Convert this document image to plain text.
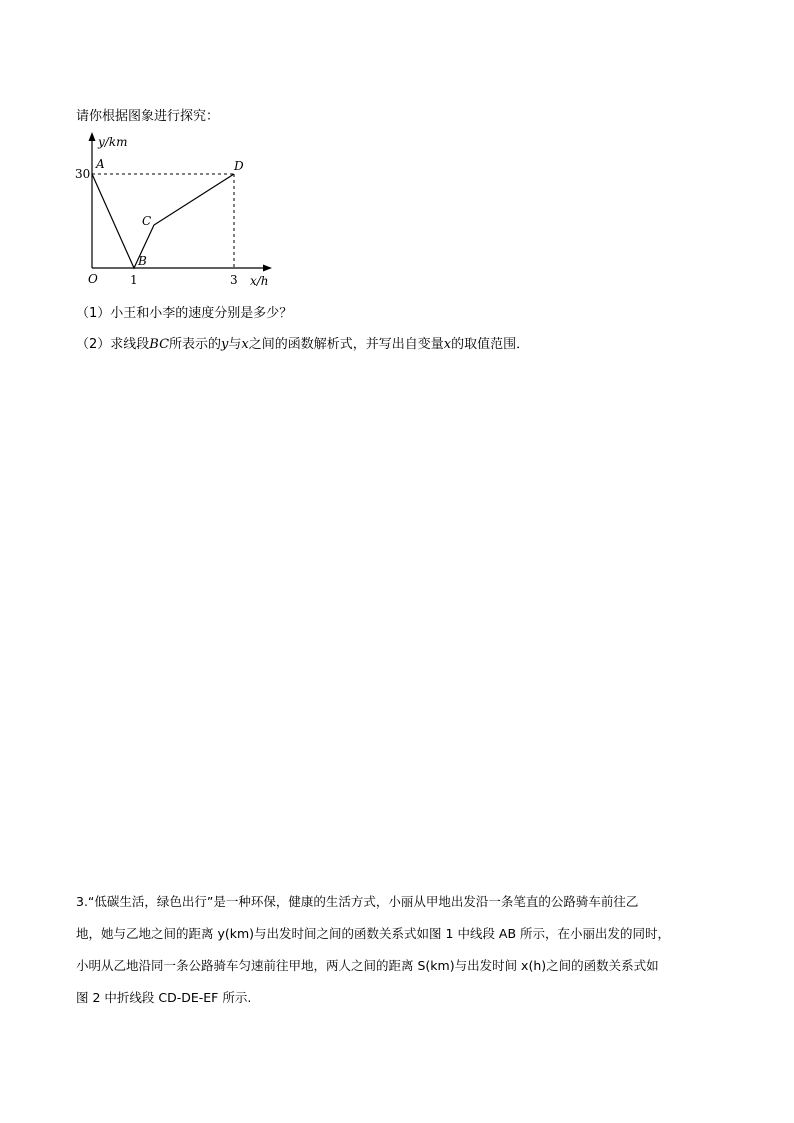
请你根据图象进行探究：
y/km
x/h
O
30
1	3
A
B
C
D
（1）小王和小李的速度分别是多少？
（2）求线段BC所表示的y与x之间的函数解析式，并写出自变量x的取值范围．
3.“低碳生活，绿色出行”是一种环保，健康的生活方式，小丽从甲地出发沿一条笔直的公路骑车前往乙
地，她与乙地之间的距离 y(km)与出发时间之间的函数关系式如图 1 中线段 AB 所示，在小丽出发的同时，
小明从乙地沿同一条公路骑车匀速前往甲地，两人之间的距离 S(km)与出发时间 x(h)之间的函数关系式如
图 2 中折线段 CD-DE-EF 所示.
